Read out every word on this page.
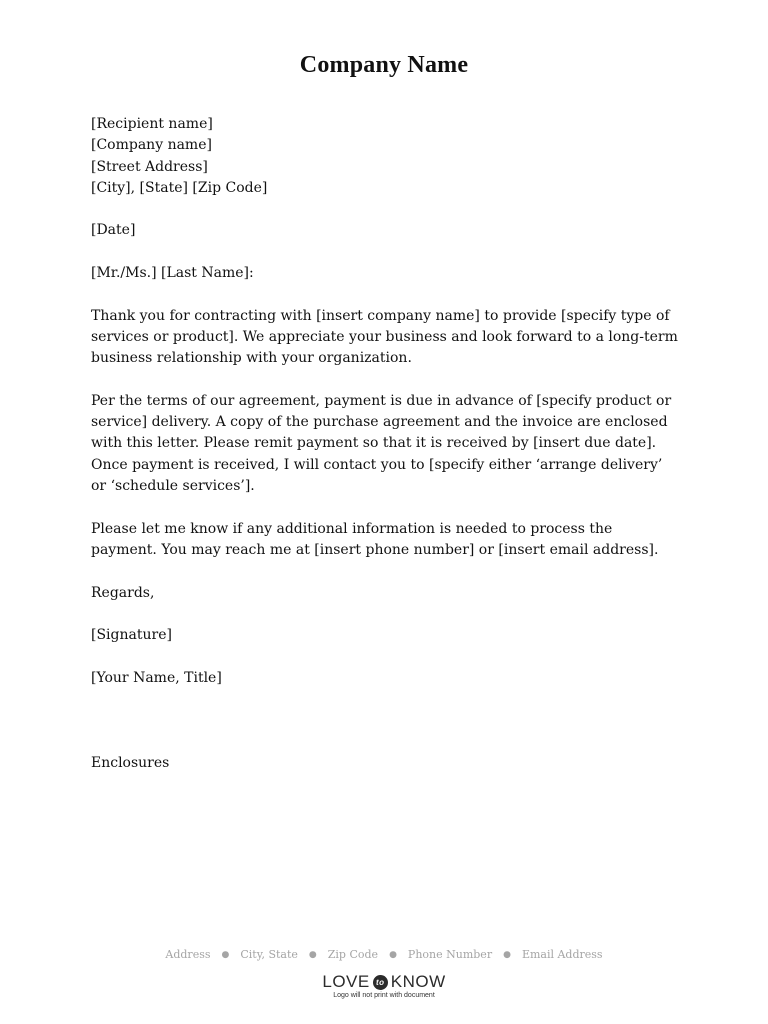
Company Name

[Recipient name]

[Company name]

[Street Address]

[City], [State] [Zip Code]

[Date]

[Mr./Ms.] [Last Name]:

Thank you for contracting with [insert company name] to provide [specify type of services or product]. We appreciate your business and look forward to a long-term business relationship with your organization.

Per the terms of our agreement, payment is due in advance of [specify product or service] delivery. A copy of the purchase agreement and the invoice are enclosed with this letter. Please remit payment so that it is received by [insert due date]. Once payment is received, I will contact you to [specify either ‘arrange delivery’ or ‘schedule services’].

Please let me know if any additional information is needed to process the payment. You may reach me at [insert phone number] or [insert email address].

Regards,

[Signature]

[Your Name, Title]

Enclosures

Address ● City, State ● Zip Code ● Phone Number ● Email Address
LOVE to KNOW
Logo will not print with document
